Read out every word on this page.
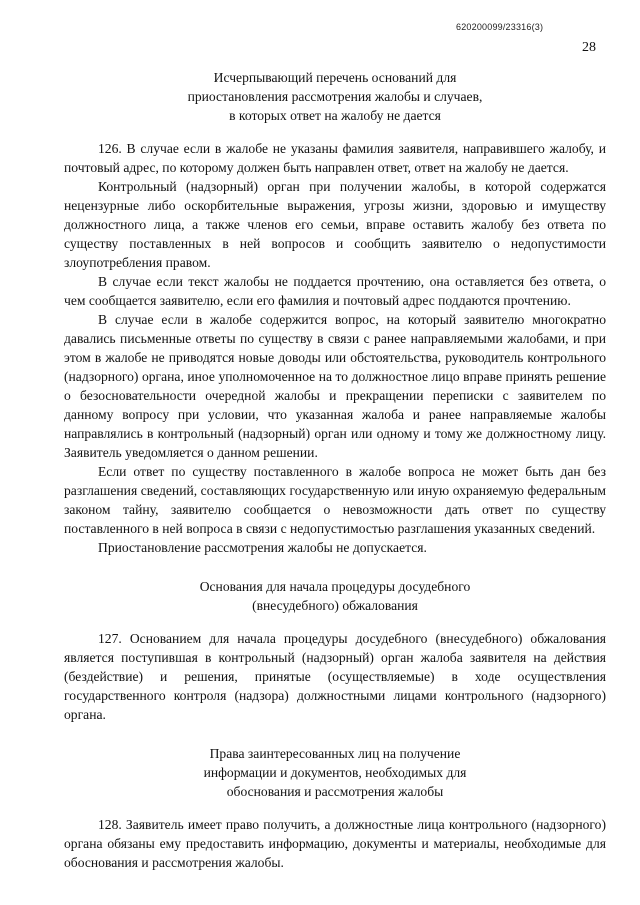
620200099/23316(3)
28
Исчерпывающий перечень оснований для
приостановления рассмотрения жалобы и случаев,
в которых ответ на жалобу не дается

126. В случае если в жалобе не указаны фамилия заявителя, направившего жалобу, и почтовый адрес, по которому должен быть направлен ответ, ответ на жалобу не дается.

Контрольный (надзорный) орган при получении жалобы, в которой содержатся нецензурные либо оскорбительные выражения, угрозы жизни, здоровью и имуществу должностного лица, а также членов его семьи, вправе оставить жалобу без ответа по существу поставленных в ней вопросов и сообщить заявителю о недопустимости злоупотребления правом.

В случае если текст жалобы не поддается прочтению, она оставляется без ответа, о чем сообщается заявителю, если его фамилия и почтовый адрес поддаются прочтению.

В случае если в жалобе содержится вопрос, на который заявителю многократно давались письменные ответы по существу в связи с ранее направляемыми жалобами, и при этом в жалобе не приводятся новые доводы или обстоятельства, руководитель контрольного (надзорного) органа, иное уполномоченное на то должностное лицо вправе принять решение о безосновательности очередной жалобы и прекращении переписки с заявителем по данному вопросу при условии, что указанная жалоба и ранее направляемые жалобы направлялись в контрольный (надзорный) орган или одному и тому же должностному лицу. Заявитель уведомляется о данном решении.

Если ответ по существу поставленного в жалобе вопроса не может быть дан без разглашения сведений, составляющих государственную или иную охраняемую федеральным законом тайну, заявителю сообщается о невозможности дать ответ по существу поставленного в ней вопроса в связи с недопустимостью разглашения указанных сведений.

Приостановление рассмотрения жалобы не допускается.

Основания для начала процедуры досудебного
(внесудебного) обжалования

127. Основанием для начала процедуры досудебного (внесудебного) обжалования является поступившая в контрольный (надзорный) орган жалоба заявителя на действия (бездействие) и решения, принятые (осуществляемые) в ходе осуществления государственного контроля (надзора) должностными лицами контрольного (надзорного) органа.

Права заинтересованных лиц на получение
информации и документов, необходимых для
обоснования и рассмотрения жалобы

128. Заявитель имеет право получить, а должностные лица контрольного (надзорного) органа обязаны ему предоставить информацию, документы и материалы, необходимые для обоснования и рассмотрения жалобы.
